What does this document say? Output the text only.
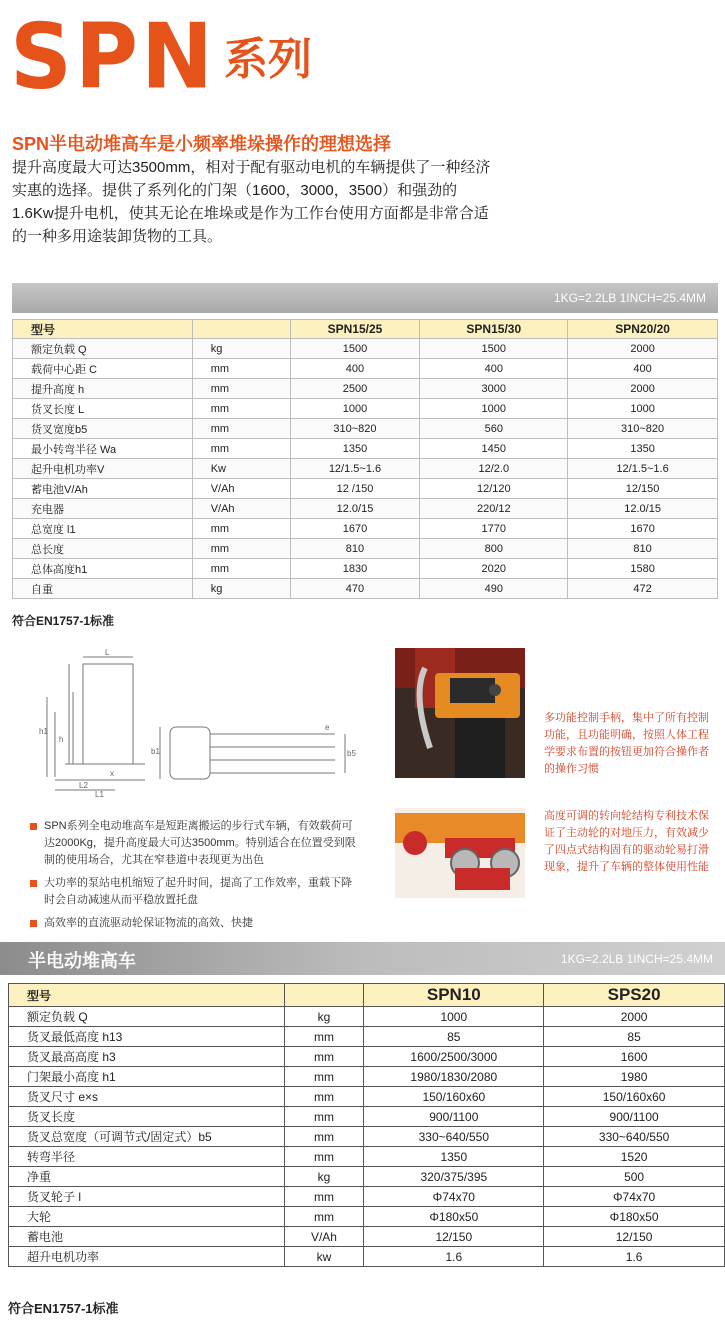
SPN 系列
SPN半电动堆高车是小频率堆垛操作的理想选择
提升高度最大可达3500mm，相对于配有驱动电机的车辆提供了一种经济实惠的选择。提供了系列化的门架（1600，3000，3500）和强劲的1.6Kw提升电机，使其无论在堆垛或是作为工作台使用方面都是非常合适的一种多用途装卸货物的工具。
1KG=2.2LB 1INCH=25.4MM
型号		SPN15/25	SPN15/30	SPN20/20
额定负载 Q	kg	1500	1500	2000
载荷中心距 C	mm	400	400	400
提升高度 h	mm	2500	3000	2000
货叉长度 L	mm	1000	1000	1000
货叉宽度b5	mm	310~820	560	310~820
最小转弯半径 Wa	mm	1350	1450	1350
起升电机功率V	Kw	12/1.5~1.6	12/2.0	12/1.5~1.6
蓄电池V/Ah	V/Ah	12 /150	12/120	12/150
充电器	V/Ah	12.0/15	220/12	12.0/15
总宽度 l1	mm	1670	1770	1670
总长度	mm	810	800	810
总体高度h1	mm	1830	2020	1580
自重	kg	470	490	472
符合EN1757-1标准
L
h1
h
b1	b5
e
x
L2
L1
多功能控制手柄，集中了所有控制功能，且功能明确，按照人体工程学要求布置的按钮更加符合操作者的操作习惯
高度可调的转向轮结构专利技术保证了主动轮的对地压力，有效减少了四点式结构固有的驱动轮易打滑现象，提升了车辆的整体使用性能
SPN系列全电动堆高车是短距离搬运的步行式车辆，有效载荷可达2000Kg，提升高度最大可达3500mm。特别适合在位置受到限制的使用场合，尤其在窄巷道中表现更为出色
大功率的泵站电机缩短了起升时间，提高了工作效率，重载下降时会自动减速从而平稳放置托盘
高效率的直流驱动轮保证物流的高效、快捷
半电动堆高车	1KG=2.2LB 1INCH=25.4MM
型号		SPN10	SPS20
额定负载 Q	kg	1000	2000
货叉最低高度 h13	mm	85	85
货叉最高高度 h3	mm	1600/2500/3000	1600
门架最小高度 h1	mm	1980/1830/2080	1980
货叉尺寸 e×s	mm	150/160x60	150/160x60
货叉长度	mm	900/1100	900/1100
货叉总宽度（可调节式/固定式）b5	mm	330~640/550	330~640/550
转弯半径	mm	1350	1520
净重	kg	320/375/395	500
货叉轮子 l	mm	Φ74x70	Φ74x70
大轮	mm	Φ180x50	Φ180x50
蓄电池	V/Ah	12/150	12/150
超升电机功率	kw	1.6	1.6
符合EN1757-1标准
